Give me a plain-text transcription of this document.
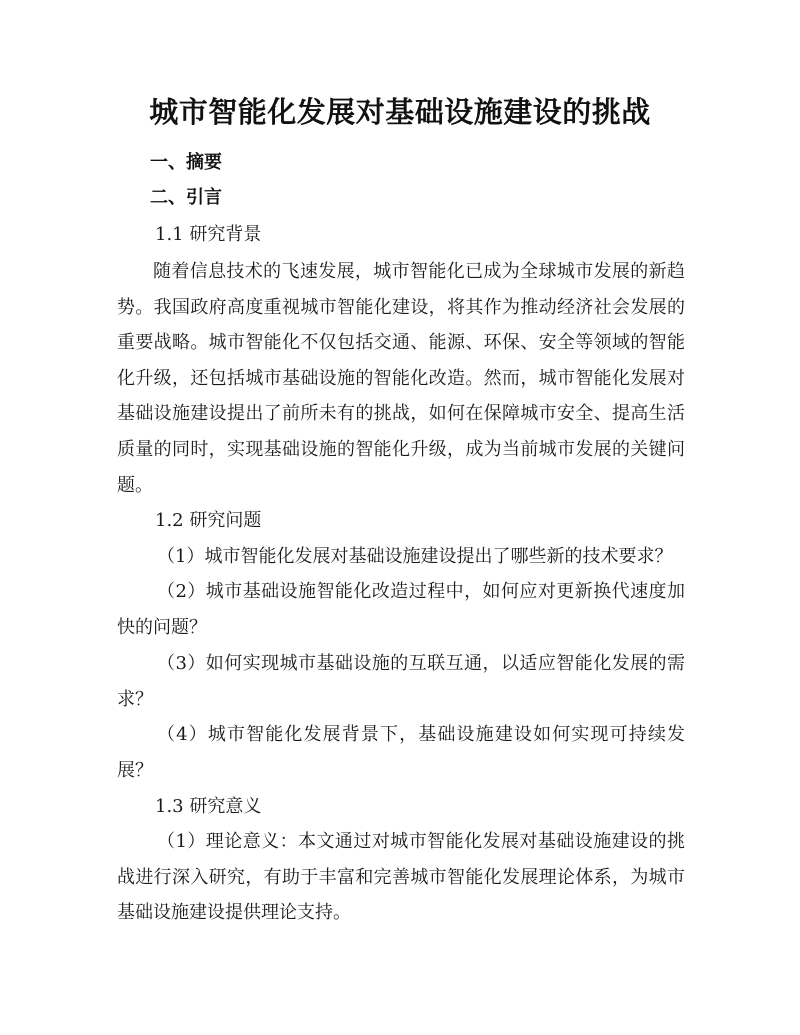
城市智能化发展对基础设施建设的挑战
一、摘要
二、引言
1.1 研究背景
随着信息技术的飞速发展，城市智能化已成为全球城市发展的新趋势。我国政府高度重视城市智能化建设，将其作为推动经济社会发展的重要战略。城市智能化不仅包括交通、能源、环保、安全等领域的智能化升级，还包括城市基础设施的智能化改造。然而，城市智能化发展对基础设施建设提出了前所未有的挑战，如何在保障城市安全、提高生活质量的同时，实现基础设施的智能化升级，成为当前城市发展的关键问题。
1.2 研究问题
（1）城市智能化发展对基础设施建设提出了哪些新的技术要求？
（2）城市基础设施智能化改造过程中，如何应对更新换代速度加快的问题？
（3）如何实现城市基础设施的互联互通，以适应智能化发展的需求？
（4）城市智能化发展背景下，基础设施建设如何实现可持续发展？
1.3 研究意义
（1）理论意义：本文通过对城市智能化发展对基础设施建设的挑战进行深入研究，有助于丰富和完善城市智能化发展理论体系，为城市基础设施建设提供理论支持。
